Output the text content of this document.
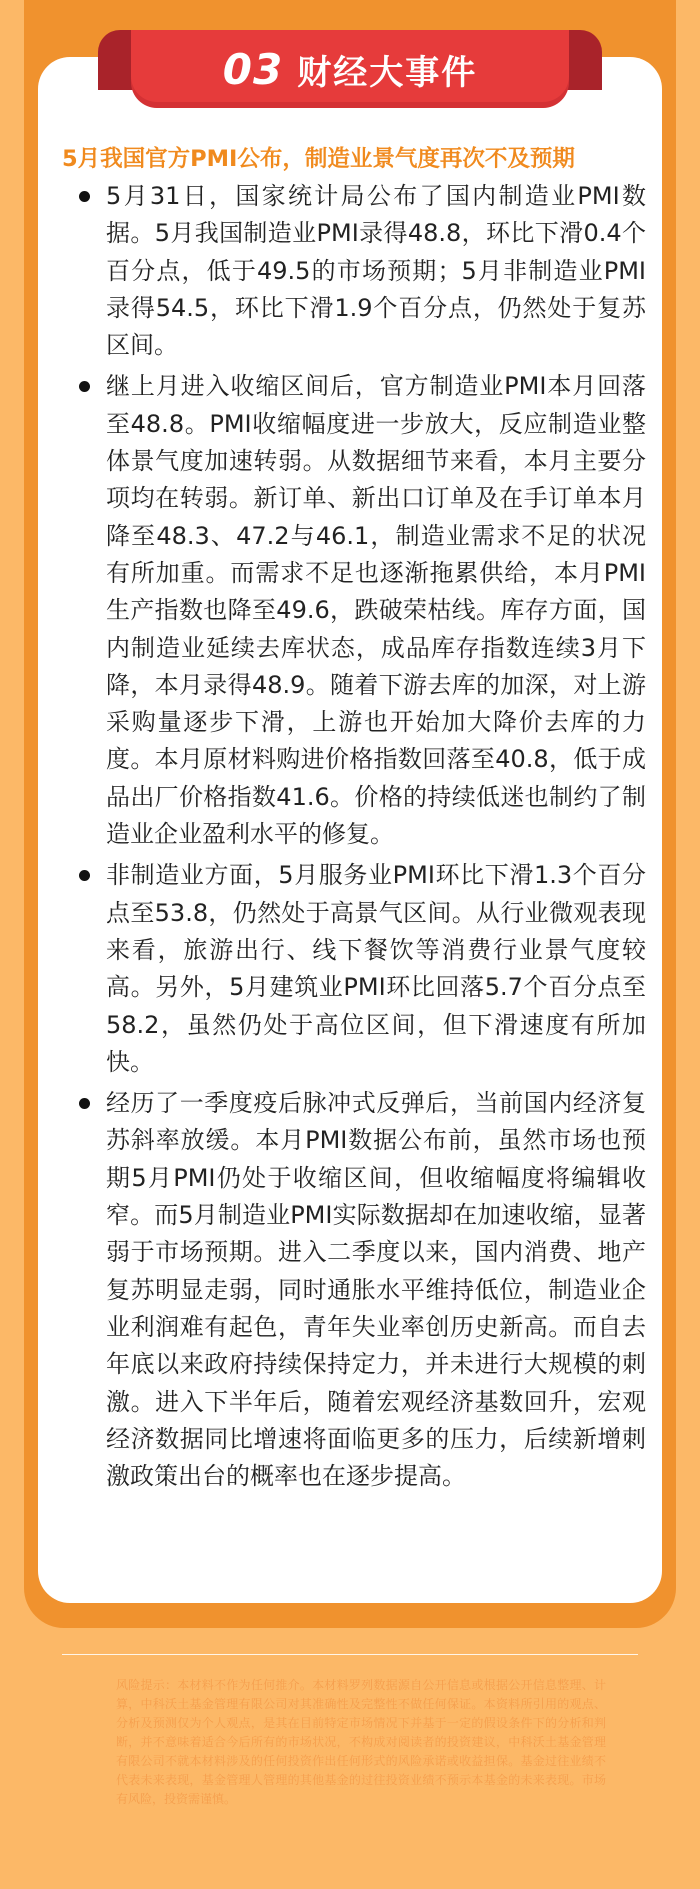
03 财经大事件
5月我国官方PMI公布，制造业景气度再次不及预期
5月31日，国家统计局公布了国内制造业PMI数据。5月我国制造业PMI录得48.8，环比下滑0.4个百分点，低于49.5的市场预期；5月非制造业PMI录得54.5，环比下滑1.9个百分点，仍然处于复苏区间。
继上月进入收缩区间后，官方制造业PMI本月回落至48.8。PMI收缩幅度进一步放大，反应制造业整体景气度加速转弱。从数据细节来看，本月主要分项均在转弱。新订单、新出口订单及在手订单本月降至48.3、47.2与46.1，制造业需求不足的状况有所加重。而需求不足也逐渐拖累供给，本月PMI生产指数也降至49.6，跌破荣枯线。库存方面，国内制造业延续去库状态，成品库存指数连续3月下降，本月录得48.9。随着下游去库的加深，对上游采购量逐步下滑，上游也开始加大降价去库的力度。本月原材料购进价格指数回落至40.8，低于成品出厂价格指数41.6。价格的持续低迷也制约了制造业企业盈利水平的修复。
非制造业方面，5月服务业PMI环比下滑1.3个百分点至53.8，仍然处于高景气区间。从行业微观表现来看，旅游出行、线下餐饮等消费行业景气度较高。另外，5月建筑业PMI环比回落5.7个百分点至58.2，虽然仍处于高位区间，但下滑速度有所加快。
经历了一季度疫后脉冲式反弹后，当前国内经济复苏斜率放缓。本月PMI数据公布前，虽然市场也预期5月PMI仍处于收缩区间，但收缩幅度将编辑收窄。而5月制造业PMI实际数据却在加速收缩，显著弱于市场预期。进入二季度以来，国内消费、地产复苏明显走弱，同时通胀水平维持低位，制造业企业利润难有起色，青年失业率创历史新高。而自去年底以来政府持续保持定力，并未进行大规模的刺激。进入下半年后，随着宏观经济基数回升，宏观经济数据同比增速将面临更多的压力，后续新增刺激政策出台的概率也在逐步提高。

风险提示：本材料不作为任何推介。本材料罗列数据源自公开信息或根据公开信息整理、计算，中科沃土基金管理有限公司对其准确性及完整性不做任何保证。本资料所引用的观点、分析及预测仅为个人观点，是其在目前特定市场情况下并基于一定的假设条件下的分析和判断，并不意味着适合今后所有的市场状况，不构成对阅读者的投资建议，中科沃土基金管理有限公司不就本材料涉及的任何投资作出任何形式的风险承诺或收益担保。基金过往业绩不代表未来表现，基金管理人管理的其他基金的过往投资业绩不预示本基金的未来表现。市场有风险，投资需谨慎。
